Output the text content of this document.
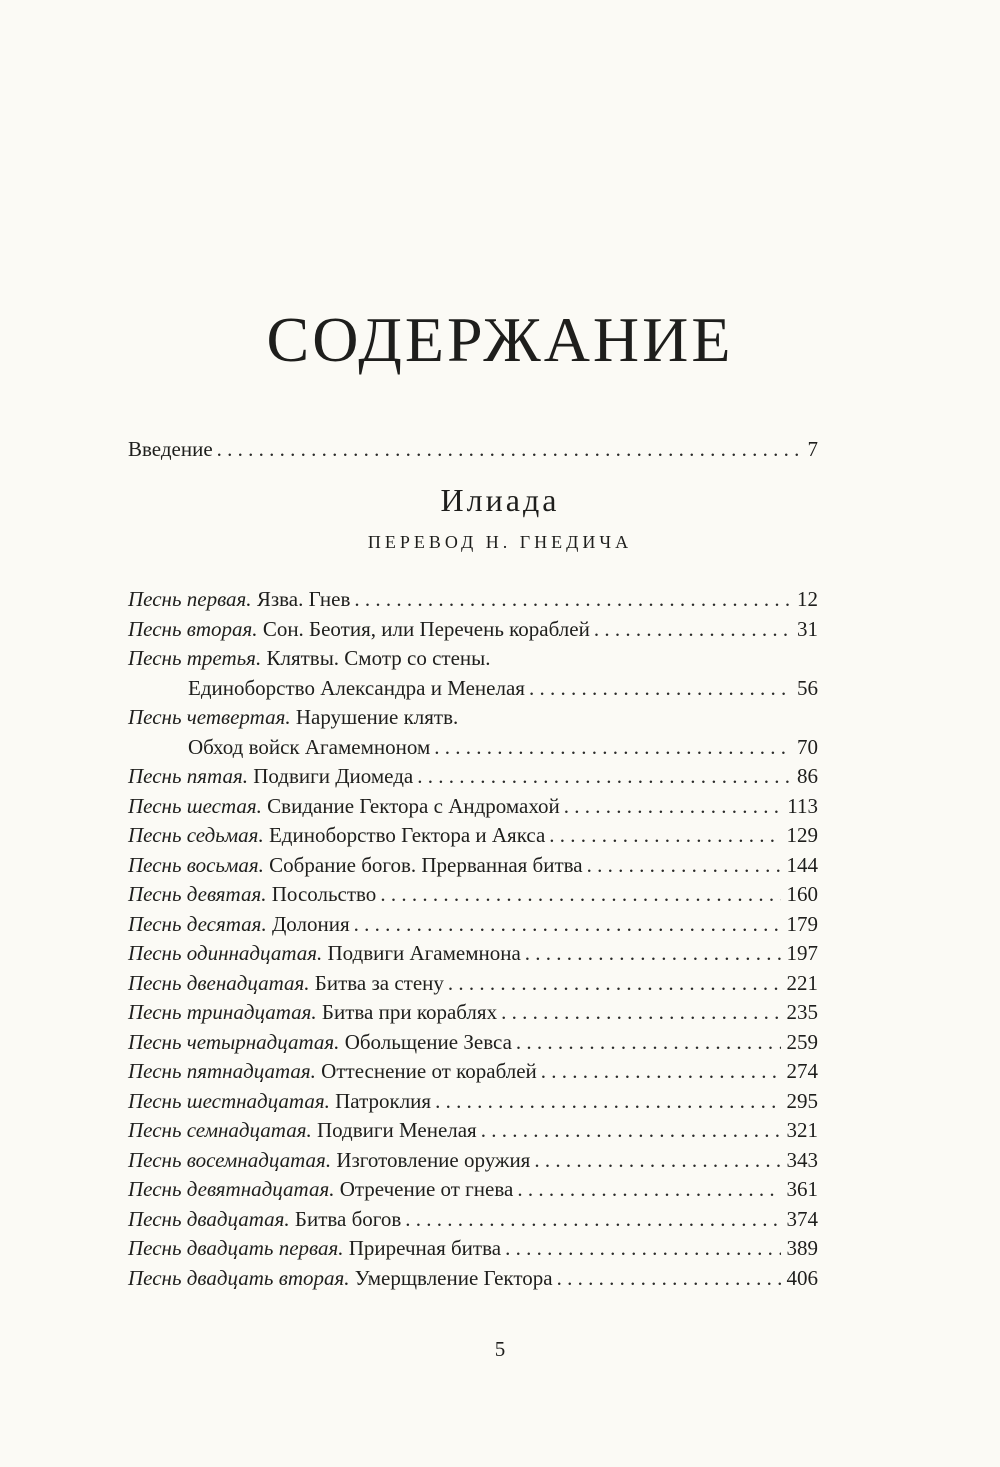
СОДЕРЖАНИЕ
Введение . . .	7
Илиада
ПЕРЕВОД Н. ГНЕДИЧА
Песнь первая. Язва. Гнев . . .	12
Песнь вторая. Сон. Беотия, или Перечень кораблей . . .	31
Песнь третья. Клятвы. Смотр со стены.
Единоборство Александра и Менелая . . .	56
Песнь четвертая. Нарушение клятв.
Обход войск Агамемноном . . .	70
Песнь пятая. Подвиги Диомеда . . .	86
Песнь шестая. Свидание Гектора с Андромахой . . .	113
Песнь седьмая. Единоборство Гектора и Аякса . . .	129
Песнь восьмая. Собрание богов. Прерванная битва . . .	144
Песнь девятая. Посольство . . .	160
Песнь десятая. Долония . . .	179
Песнь одиннадцатая. Подвиги Агамемнона . . .	197
Песнь двенадцатая. Битва за стену . . .	221
Песнь тринадцатая. Битва при кораблях . . .	235
Песнь четырнадцатая. Обольщение Зевса . . .	259
Песнь пятнадцатая. Оттеснение от кораблей . . .	274
Песнь шестнадцатая. Патроклия . . .	295
Песнь семнадцатая. Подвиги Менелая . . .	321
Песнь восемнадцатая. Изготовление оружия . . .	343
Песнь девятнадцатая. Отречение от гнева . . .	361
Песнь двадцатая. Битва богов . . .	374
Песнь двадцать первая. Приречная битва . . .	389
Песнь двадцать вторая. Умерщвление Гектора . . .	406
5
